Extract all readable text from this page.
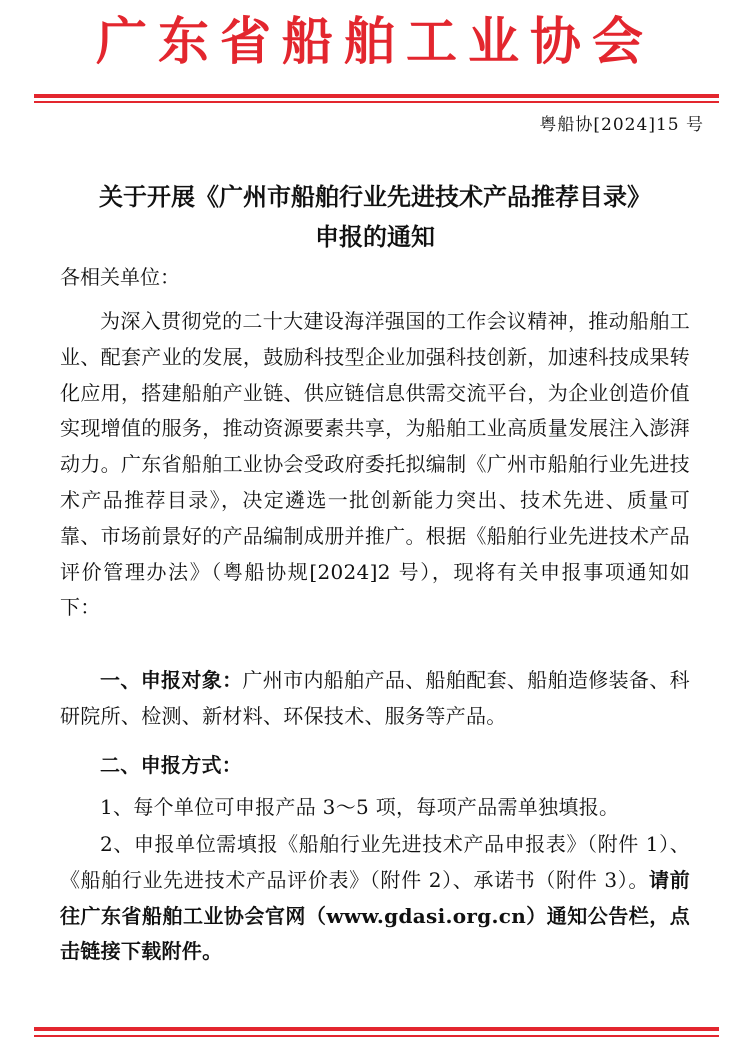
广东省船舶工业协会
粤船协[2024]15 号
关于开展《广州市船舶行业先进技术产品推荐目录》
申报的通知
各相关单位：
为深入贯彻党的二十大建设海洋强国的工作会议精神，推动船舶工业、配套产业的发展，鼓励科技型企业加强科技创新，加速科技成果转化应用，搭建船舶产业链、供应链信息供需交流平台，为企业创造价值实现增值的服务，推动资源要素共享，为船舶工业高质量发展注入澎湃动力。广东省船舶工业协会受政府委托拟编制《广州市船舶行业先进技术产品推荐目录》，决定遴选一批创新能力突出、技术先进、质量可靠、市场前景好的产品编制成册并推广。根据《船舶行业先进技术产品评价管理办法》（粤船协规[2024]2 号），现将有关申报事项通知如下：
一、申报对象：广州市内船舶产品、船舶配套、船舶造修装备、科研院所、检测、新材料、环保技术、服务等产品。
二、申报方式：
1、每个单位可申报产品 3～5 项，每项产品需单独填报。
2、申报单位需填报《船舶行业先进技术产品申报表》（附件 1）、《船舶行业先进技术产品评价表》（附件 2）、承诺书（附件 3）。请前往广东省船舶工业协会官网（www.gdasi.org.cn）通知公告栏，点击链接下载附件。
